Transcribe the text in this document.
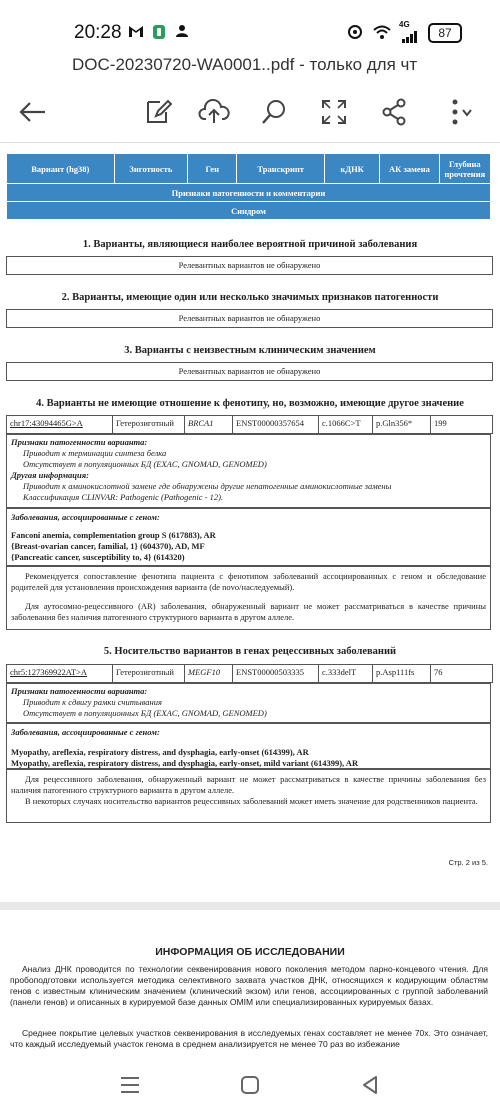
20:28	4G
87
DOC-20230720-WA0001..pdf - только для чт
Вариант (hg38)	Зиготность	Ген	Транскрипт	кДНК	АК замена	Глубина прочтения
Признаки патогенности и комментарии
Синдром
1. Варианты, являющиеся наиболее вероятной причиной заболевания
Релевантных вариантов не обнаружено
2. Варианты, имеющие один или несколько значимых признаков патогенности
Релевантных вариантов не обнаружено
3. Варианты с неизвестным клиническим значением
Релевантных вариантов не обнаружено
4. Варианты не имеющие отношение к фенотипу, но, возможно, имеющие другое значение
chr17:43094465G>A	Гетерозиготный	BRCA1	ENST00000357654	c.1066C>T	p.Gln356*	199
Признаки патогенности варианта:
Приводит к терминации синтеза белка
Отсутствует в популяционных БД (EXAC, GNOMAD, GENOMED)
Другая информация:
Приводит к аминокислотной замене где обнаружены другие непатогенные аминокислотные замены
Классификация CLINVAR: Pathogenic (Pathogenic - 12).
Заболевания, ассоциированные с геном:
Fanconi anemia, complementation group S (617883), AR
{Breast-ovarian cancer, familial, 1} (604370), AD, MF
{Pancreatic cancer, susceptibility to, 4} (614320)
Рекомендуется сопоставление фенотипа пациента с фенотипом заболеваний ассоциированных с геном и обследование родителей для установления происхождения варианта (de novo/наследуемый).
Для аутосомно-рецессивного (AR) заболевания, обнаруженный вариант не может рассматриваться в качестве причины заболевания без наличия патогенного структурного варианта в другом аллеле.
5. Носительство вариантов в генах рецессивных заболеваний
chr5:127369922AT>A	Гетерозиготный	MEGF10	ENST00000503335	c.333delT	p.Asp111fs	76
Признаки патогенности варианта:
Приводит к сдвигу рамки считывания
Отсутствует в популяционных БД (EXAC, GNOMAD, GENOMED)
Заболевания, ассоциированные с геном:
Myopathy, areflexia, respiratory distress, and dysphagia, early-onset (614399), AR
Myopathy, areflexia, respiratory distress, and dysphagia, early-onset, mild variant (614399), AR
Для рецессивного заболевания, обнаруженный вариант не может рассматриваться в качестве причины заболевания без наличия патогенного структурного варианта в другом аллеле.
В некоторых случаях носительство вариантов рецессивных заболеваний может иметь значение для родственников пациента.
Стр. 2 из 5.
ИНФОРМАЦИЯ ОБ ИССЛЕДОВАНИИ
Анализ ДНК проводится по технологии секвенирования нового поколения методом парно-концевого чтения. Для пробоподготовки используется методика селективного захвата участков ДНК, относящихся к кодирующим областям генов с известным клиническим значением (клинический экзом) или генов, ассоциированных с группой заболеваний (панели генов) и описанных в курируемой базе данных OMIM или специализированных курируемых базах.
Среднее покрытие целевых участков секвенирования в исследуемых генах составляет не менее 70х. Это означает, что каждый исследуемый участок генома в среднем анализируется не менее 70 раз во избежание
